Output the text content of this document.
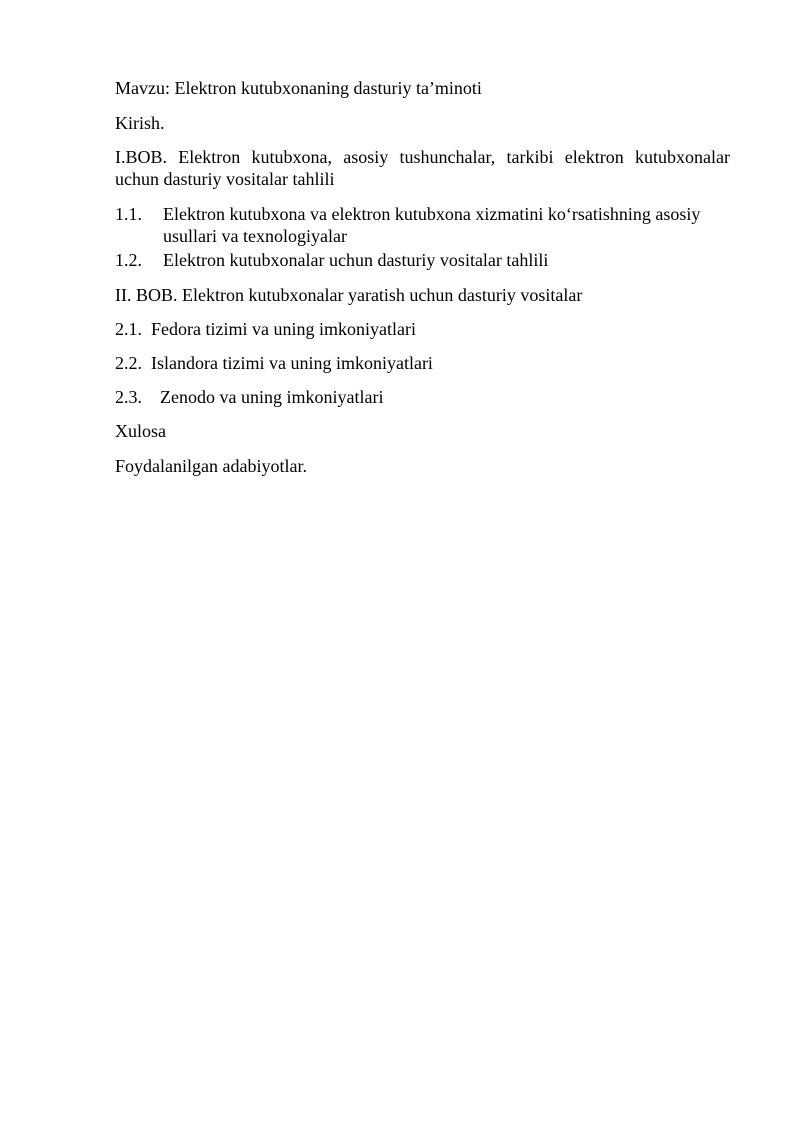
Mavzu: Elektron kutubxonaning dasturiy ta’minoti
Kirish.
I.BOB. Elektron kutubxona, asosiy tushunchalar, tarkibi elektron kutubxonalar uchun dasturiy vositalar tahlili
1.1. Elektron kutubxona va elektron kutubxona xizmatini ko‘rsatishning asosiy usullari va texnologiyalar
1.2. Elektron kutubxonalar uchun dasturiy vositalar tahlili
II. BOB. Elektron kutubxonalar yaratish uchun dasturiy vositalar
2.1. Fedora tizimi va uning imkoniyatlari
2.2. Islandora tizimi va uning imkoniyatlari
2.3. Zenodo va uning imkoniyatlari
Xulosa
Foydalanilgan adabiyotlar.
